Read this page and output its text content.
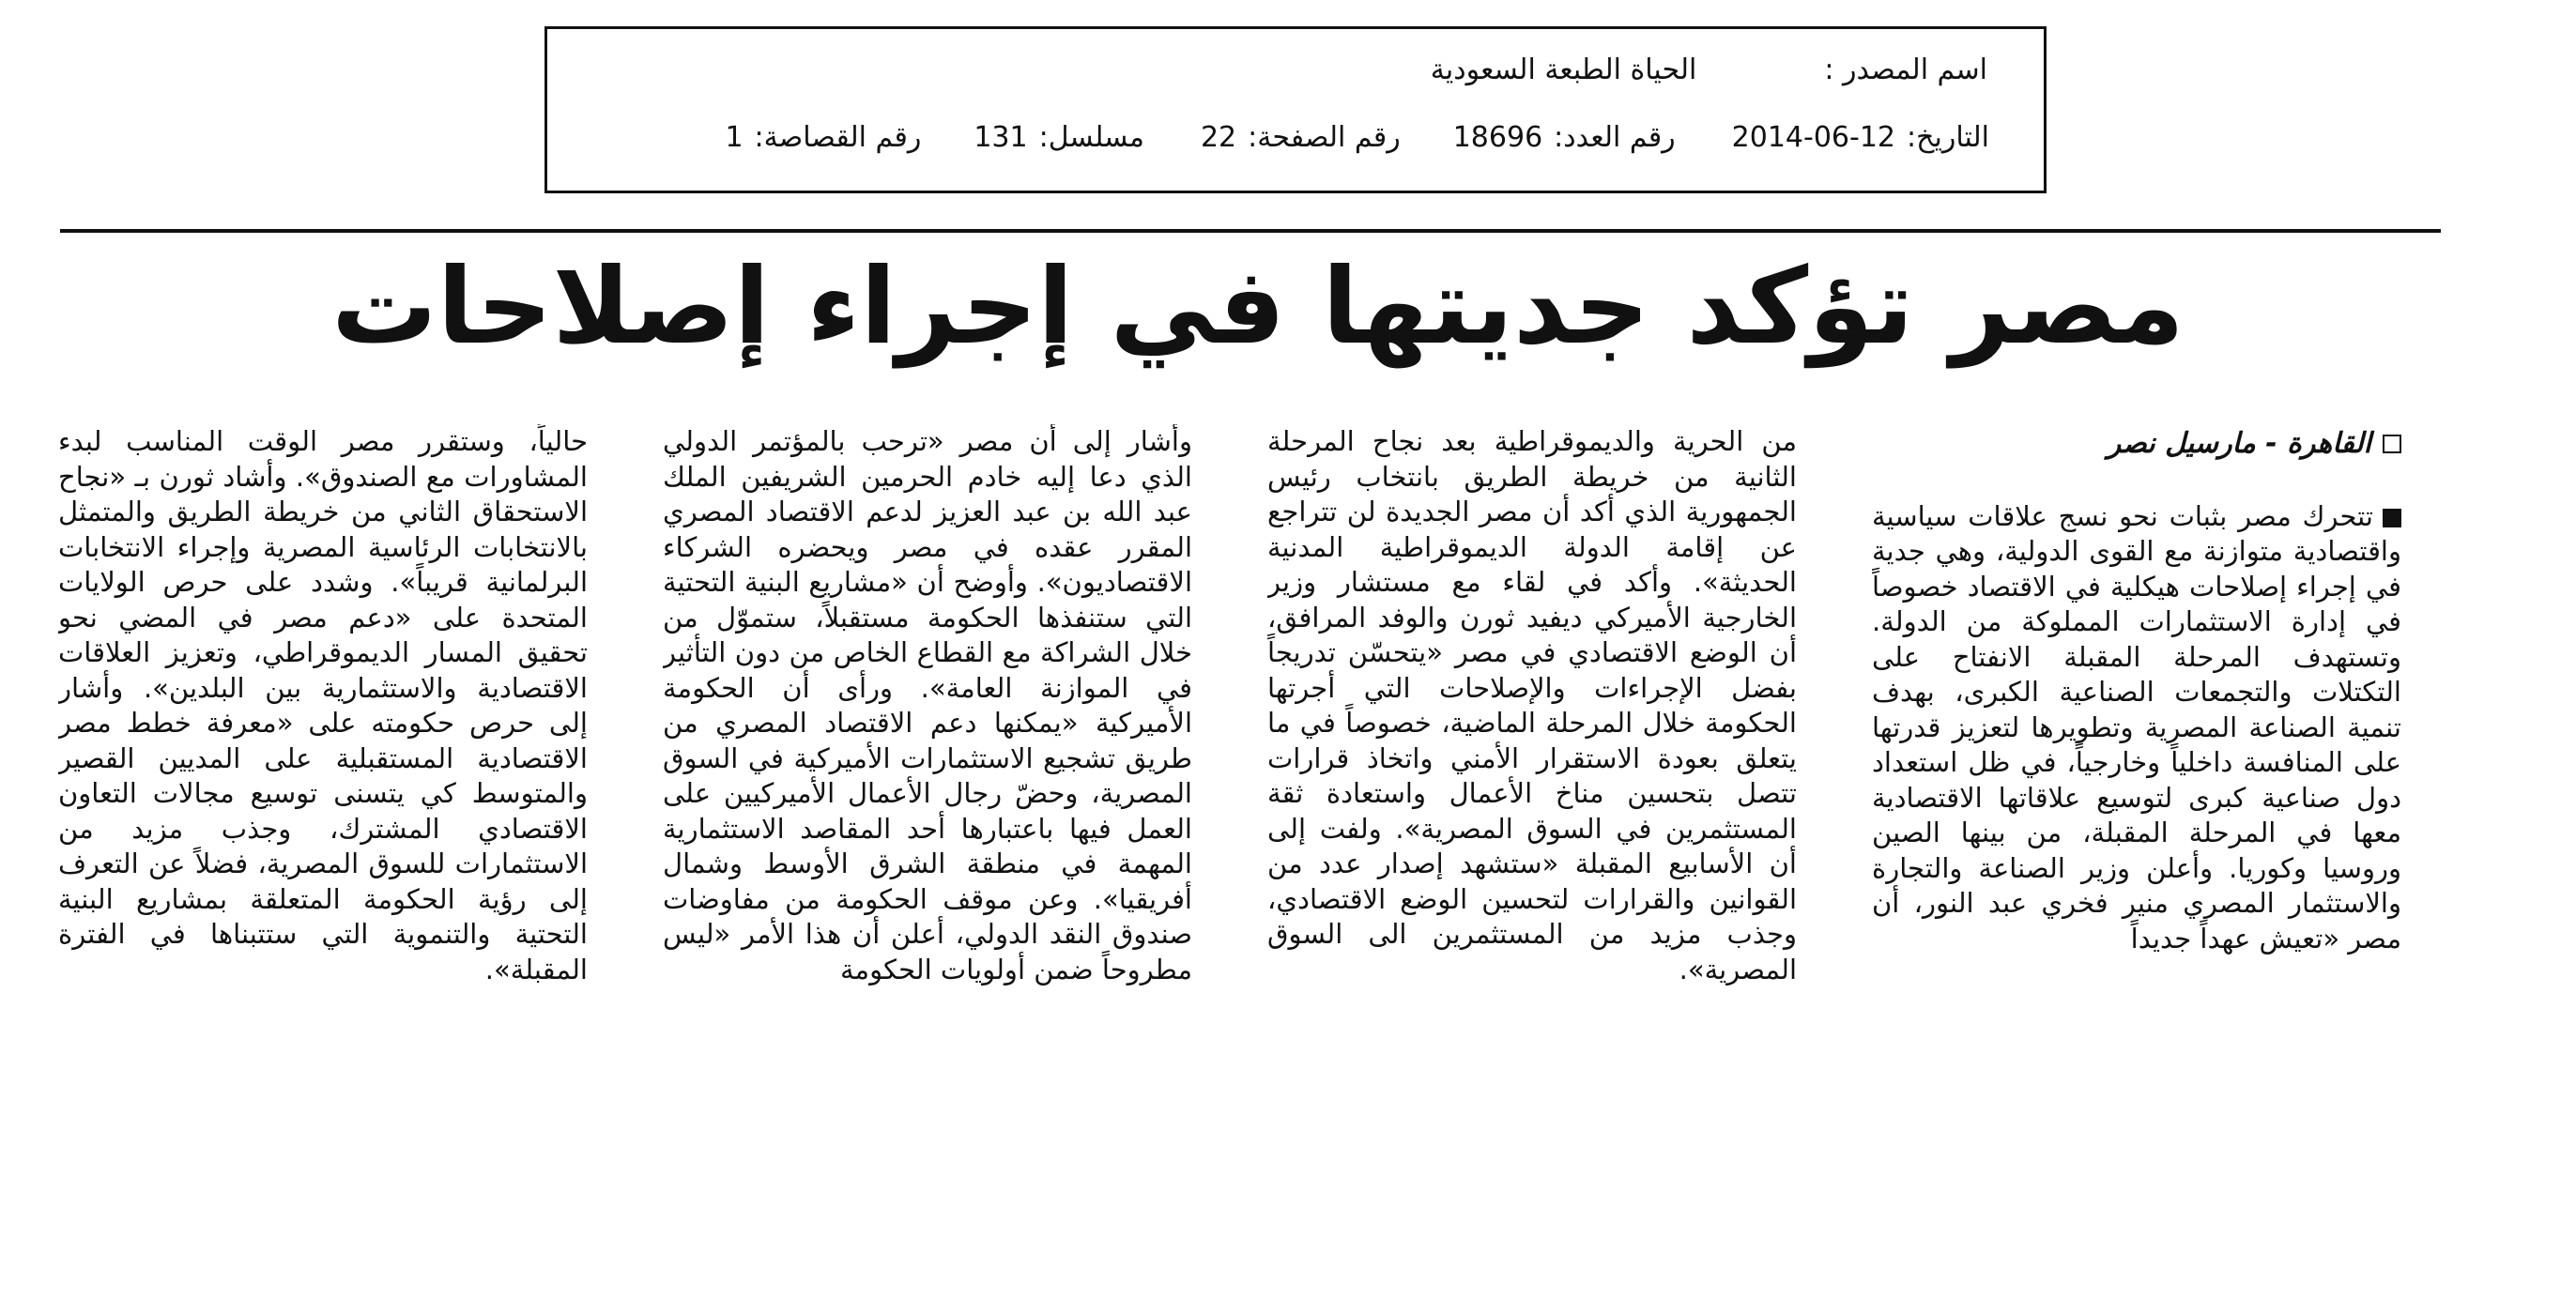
اسم المصدر :
الحياة الطبعة السعودية
التاريخ:
2014-06-12
رقم العدد:
18696
رقم الصفحة:
22
مسلسل:
131
رقم القصاصة:
1
مصر تؤكد جديتها في إجراء إصلاحات

القاهرة - مارسيل نصر

تتحرك مصر بثبات نحو نسج علاقات سياسية واقتصادية متوازنة مع القوى الدولية، وهي جدية في إجراء إصلاحات هيكلية في الاقتصاد خصوصاً في إدارة الاستثمارات المملوكة من الدولة. وتستهدف المرحلة المقبلة الانفتاح على التكتلات والتجمعات الصناعية الكبرى، بهدف تنمية الصناعة المصرية وتطويرها لتعزيز قدرتها على المنافسة داخلياً وخارجياً، في ظل استعداد دول صناعية كبرى لتوسيع علاقاتها الاقتصادية معها في المرحلة المقبلة، من بينها الصين وروسيا وكوريا. وأعلن وزير الصناعة والتجارة والاستثمار المصري منير فخري عبد النور، أن مصر «تعيش عهداً جديداً

من الحرية والديموقراطية بعد نجاح المرحلة الثانية من خريطة الطريق بانتخاب رئيس الجمهورية الذي أكد أن مصر الجديدة لن تتراجع عن إقامة الدولة الديموقراطية المدنية الحديثة». وأكد في لقاء مع مستشار وزير الخارجية الأميركي ديفيد ثورن والوفد المرافق، أن الوضع الاقتصادي في مصر «يتحسّن تدريجاً بفضل الإجراءات والإصلاحات التي أجرتها الحكومة خلال المرحلة الماضية، خصوصاً في ما يتعلق بعودة الاستقرار الأمني واتخاذ قرارات تتصل بتحسين مناخ الأعمال واستعادة ثقة المستثمرين في السوق المصرية». ولفت إلى أن الأسابيع المقبلة «ستشهد إصدار عدد من القوانين والقرارات لتحسين الوضع الاقتصادي، وجذب مزيد من المستثمرين الى السوق المصرية».

وأشار إلى أن مصر «ترحب بالمؤتمر الدولي الذي دعا إليه خادم الحرمين الشريفين الملك عبد الله بن عبد العزيز لدعم الاقتصاد المصري المقرر عقده في مصر ويحضره الشركاء الاقتصاديون». وأوضح أن «مشاريع البنية التحتية التي ستنفذها الحكومة مستقبلاً، ستموّل من خلال الشراكة مع القطاع الخاص من دون التأثير في الموازنة العامة». ورأى أن الحكومة الأميركية «يمكنها دعم الاقتصاد المصري من طريق تشجيع الاستثمارات الأميركية في السوق المصرية، وحضّ رجال الأعمال الأميركيين على العمل فيها باعتبارها أحد المقاصد الاستثمارية المهمة في منطقة الشرق الأوسط وشمال أفريقيا». وعن موقف الحكومة من مفاوضات صندوق النقد الدولي، أعلن أن هذا الأمر «ليس مطروحاً ضمن أولويات الحكومة

حالياً، وستقرر مصر الوقت المناسب لبدء المشاورات مع الصندوق». وأشاد ثورن بـ «نجاح الاستحقاق الثاني من خريطة الطريق والمتمثل بالانتخابات الرئاسية المصرية وإجراء الانتخابات البرلمانية قريباً». وشدد على حرص الولايات المتحدة على «دعم مصر في المضي نحو تحقيق المسار الديموقراطي، وتعزيز العلاقات الاقتصادية والاستثمارية بين البلدين». وأشار إلى حرص حكومته على «معرفة خطط مصر الاقتصادية المستقبلية على المديين القصير والمتوسط كي يتسنى توسيع مجالات التعاون الاقتصادي المشترك، وجذب مزيد من الاستثمارات للسوق المصرية، فضلاً عن التعرف إلى رؤية الحكومة المتعلقة بمشاريع البنية التحتية والتنموية التي ستتبناها في الفترة المقبلة».
